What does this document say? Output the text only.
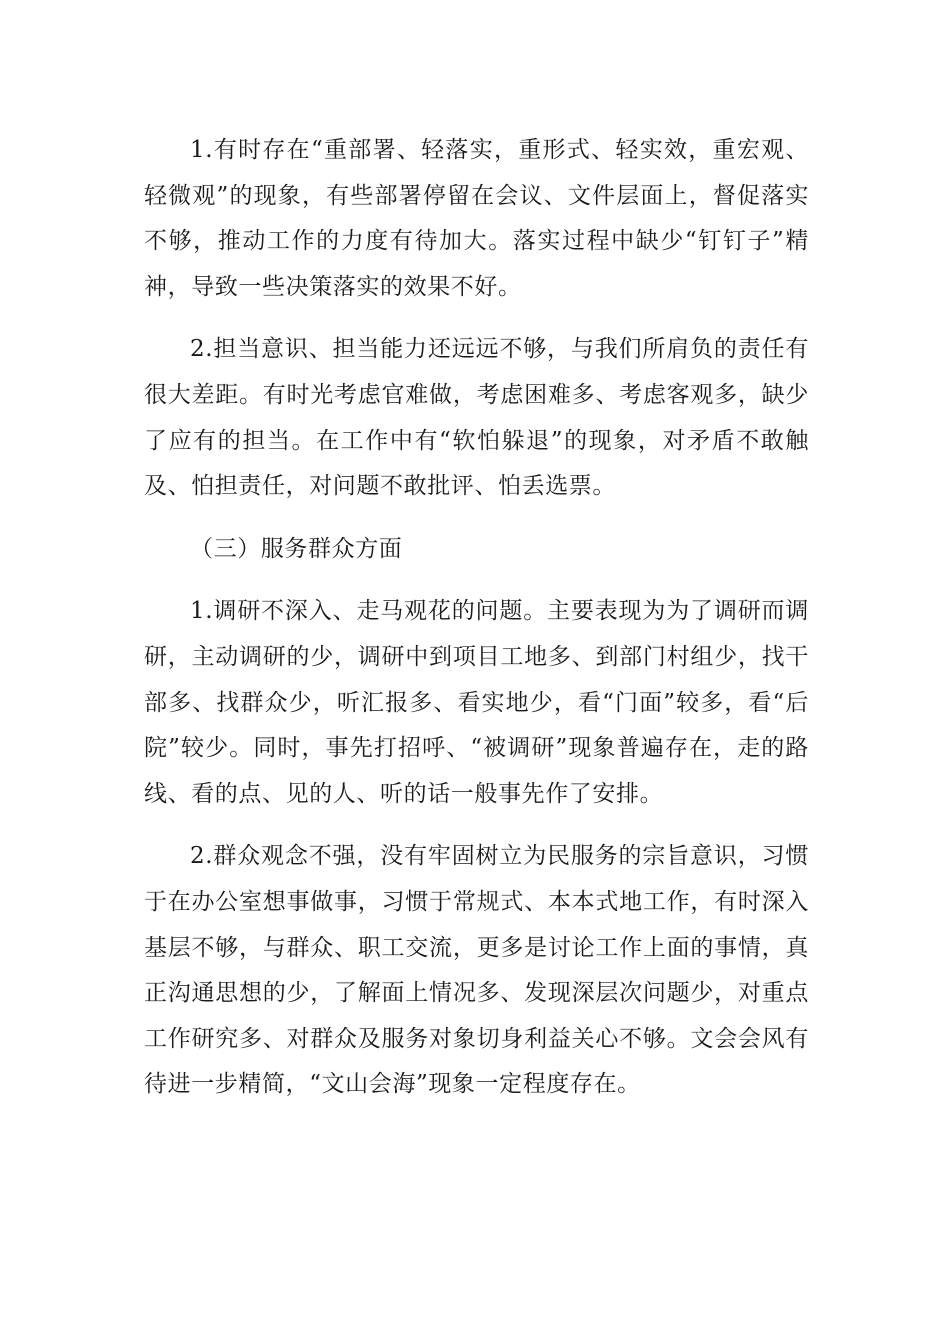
1.有时存在“重部署、轻落实，重形式、轻实效，重宏观、轻微观”的现象，有些部署停留在会议、文件层面上，督促落实不够，推动工作的力度有待加大。落实过程中缺少“钉钉子”精神，导致一些决策落实的效果不好。

2.担当意识、担当能力还远远不够，与我们所肩负的责任有很大差距。有时光考虑官难做，考虑困难多、考虑客观多，缺少了应有的担当。在工作中有“软怕躲退”的现象，对矛盾不敢触及、怕担责任，对问题不敢批评、怕丢选票。

（三）服务群众方面

1.调研不深入、走马观花的问题。主要表现为为了调研而调研，主动调研的少，调研中到项目工地多、到部门村组少，找干部多、找群众少，听汇报多、看实地少，看“门面”较多，看“后院”较少。同时，事先打招呼、“被调研”现象普遍存在，走的路线、看的点、见的人、听的话一般事先作了安排。

2.群众观念不强，没有牢固树立为民服务的宗旨意识，习惯于在办公室想事做事，习惯于常规式、本本式地工作，有时深入基层不够，与群众、职工交流，更多是讨论工作上面的事情，真正沟通思想的少，了解面上情况多、发现深层次问题少，对重点工作研究多、对群众及服务对象切身利益关心不够。文会会风有待进一步精简，“文山会海”现象一定程度存在。
